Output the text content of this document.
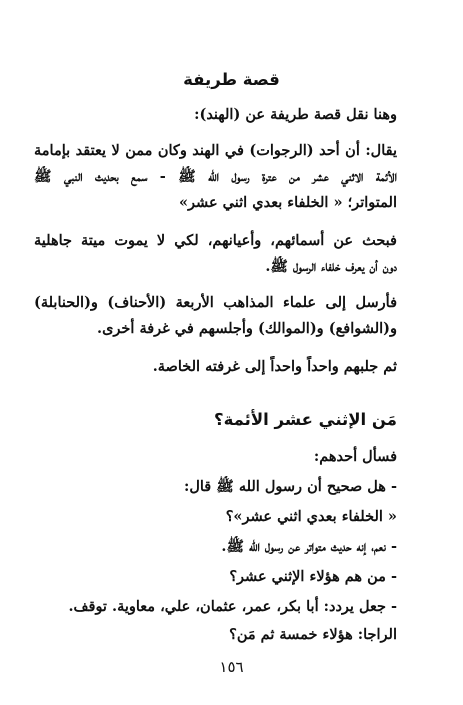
قصة طريفة
وهنا نقل قصة طريفة عن (الهند):
يقال: أن أحد (الرجوات) في الهند وكان ممن لا يعتقد بإمامة
الأئمة الاثني عشر من عترة رسول الله ﷺ - سمع بحديث النبي ﷺ
المتواتر؛ « الخلفاء بعدي اثني عشر»
فبحث عن أسمائهم، وأعيانهم، لكي لا يموت ميتة جاهلية
دون أن يعرف خلفاء الرسول ﷺ.
فأرسل إلى علماء المذاهب الأربعة (الأحناف) و(الحنابلة)
و(الشوافع) و(الموالك) وأجلسهم في غرفة أخرى.
ثم جلبهم واحداً واحداً إلى غرفته الخاصة.
مَن الإثني عشر الأئمة؟
فسأل أحدهم:
- هل صحيح أن رسول الله ﷺ قال:
« الخلفاء بعدي اثني عشر»؟
- نعم، إنه حديث متواتر عن رسول الله ﷺ.
- من هم هؤلاء الإثني عشر؟
- جعل يردد: أبا بكر، عمر، عثمان، علي، معاوية. توقف.
الراجا: هؤلاء خمسة ثم مَن؟
١٥٦
